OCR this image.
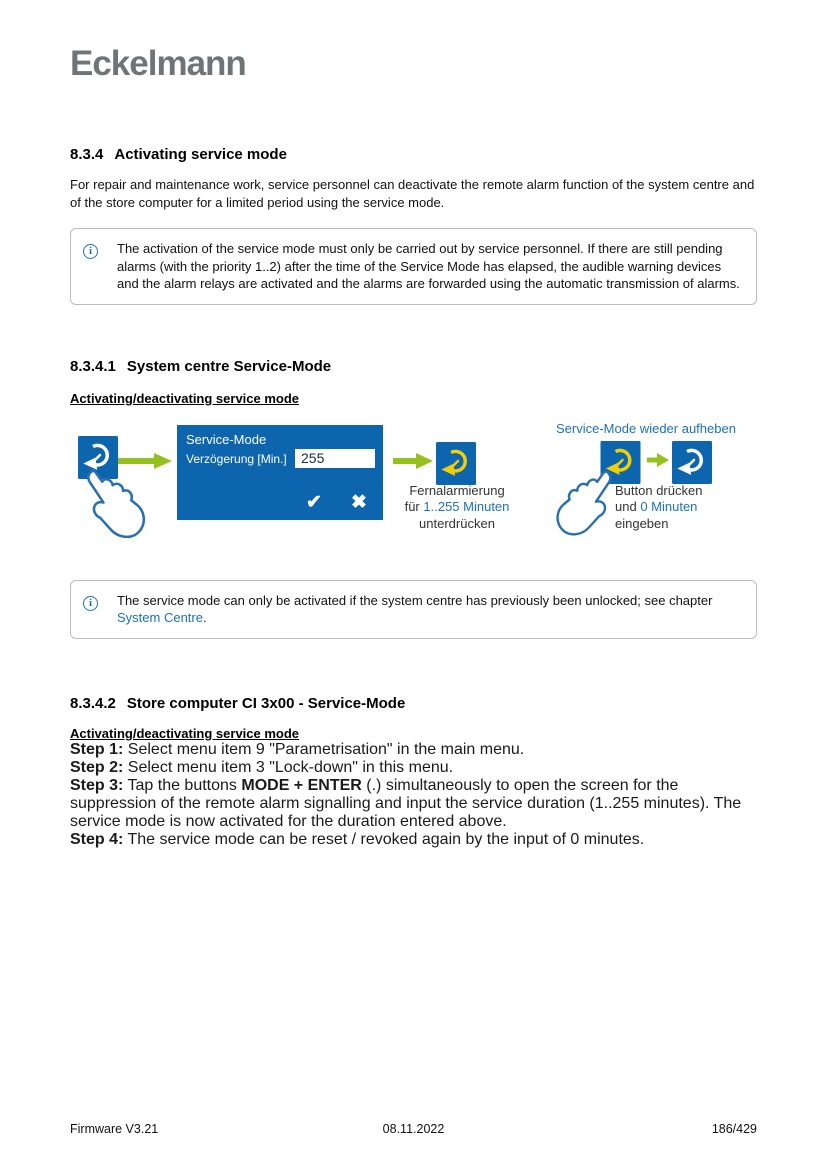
Eckelmann
8.3.4 Activating service mode

For repair and maintenance work, service personnel can deactivate the remote alarm function of the system centre and of the store computer for a limited period using the service mode.

i	The activation of the service mode must only be carried out by service personnel. If there are still pending alarms (with the priority 1..2) after the time of the Service Mode has elapsed, the audible warning devices and the alarm relays are activated and the alarms are forwarded using the automatic transmission of alarms.
8.3.4.1 System centre Service-Mode
Activating/deactivating service mode
Service-Mode
Verzögerung [Min.]
255
✔ ✖
Fernalarmierung
für 1..255 Minuten
unterdrücken
Service-Mode wieder aufheben
Button drücken
und 0 Minuten
eingeben
i	The service mode can only be activated if the system centre has previously been unlocked; see chapter System Centre.
8.3.4.2 Store computer CI 3x00 - Service-Mode
Activating/deactivating service mode
Step 1: Select menu item 9 "Parametrisation" in the main menu.
Step 2: Select menu item 3 "Lock-down" in this menu.
Step 3: Tap the buttons MODE + ENTER (.) simultaneously to open the screen for the suppression of the remote alarm signalling and input the service duration (1..255 minutes). The service mode is now activated for the duration entered above.
Step 4: The service mode can be reset / revoked again by the input of 0 minutes.
Firmware V3.21	08.11.2022	186/429
